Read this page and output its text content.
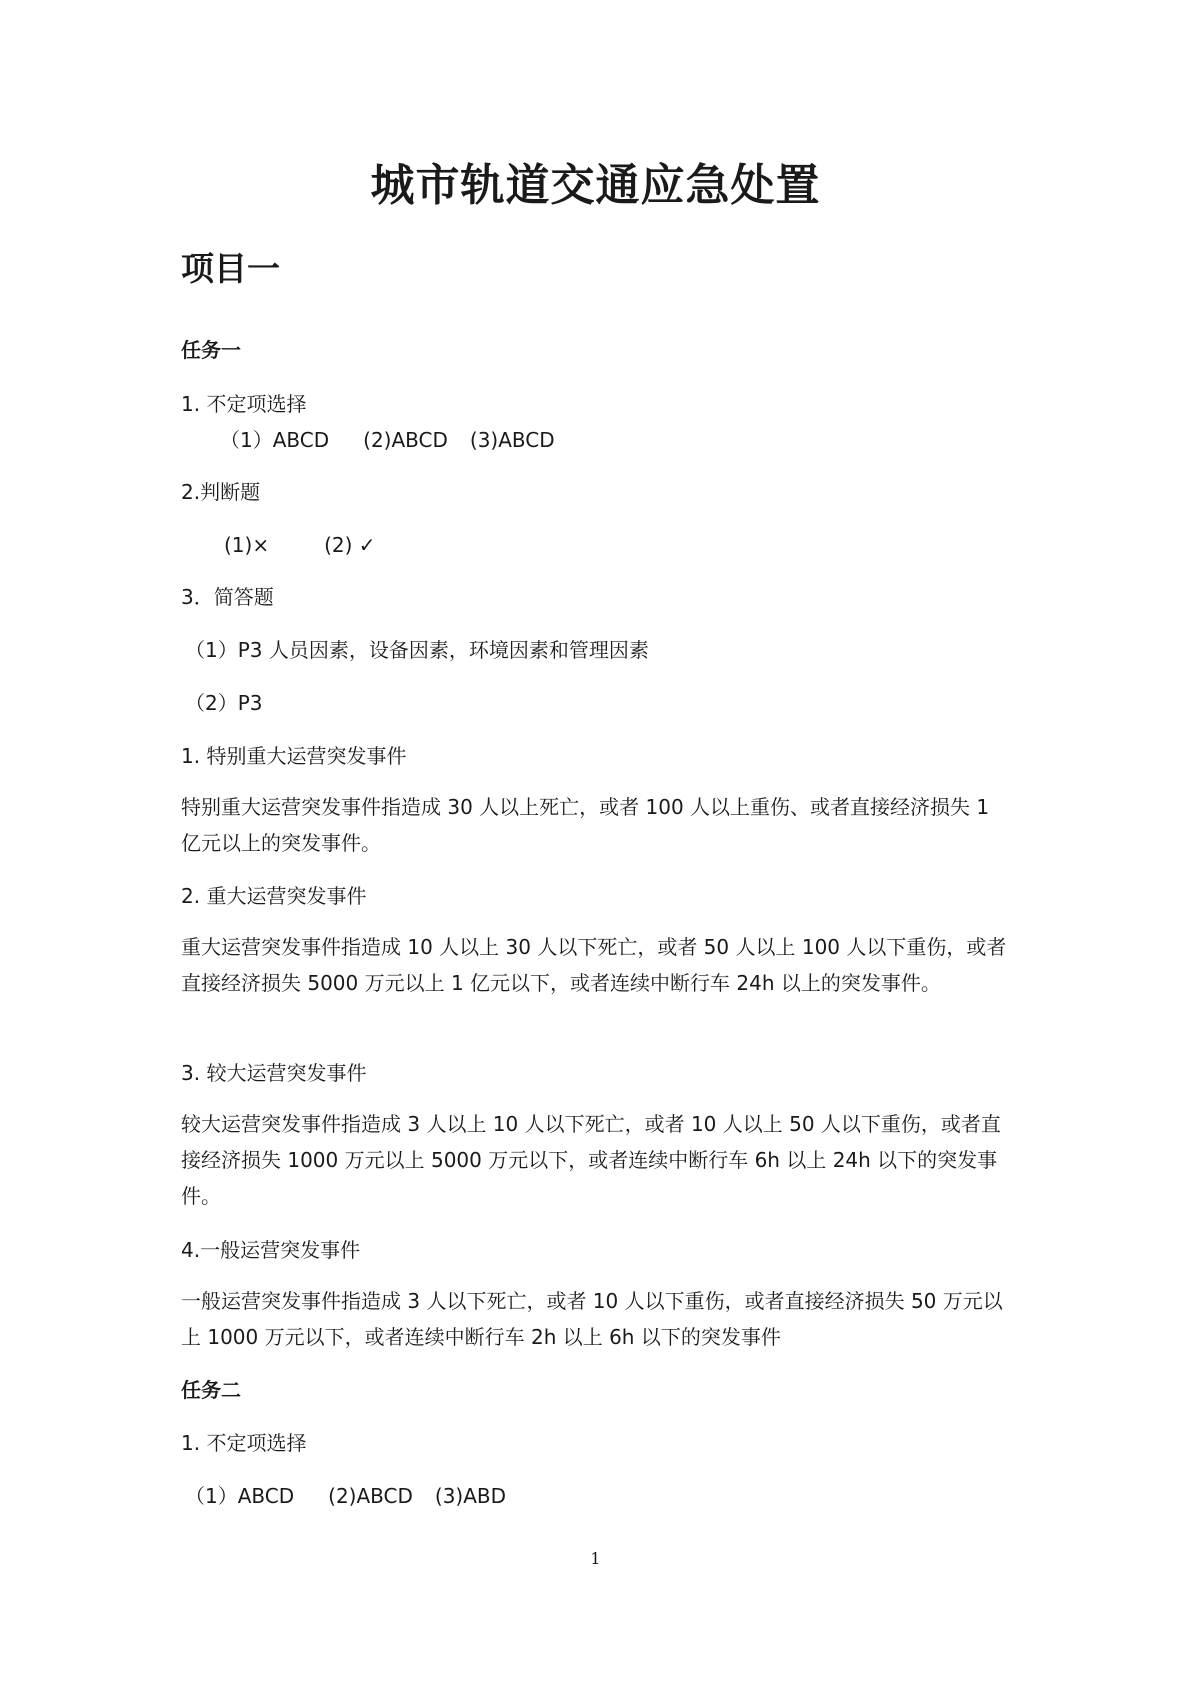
城市轨道交通应急处置
项目一
任务一

1. 不定项选择

（1）ABCD (2)ABCD (3)ABCD

2.判断题

(1)×	(2) ✓

3．简答题

（1）P3 人员因素，设备因素，环境因素和管理因素

（2）P3

1. 特别重大运营突发事件

特别重大运营突发事件指造成 30 人以上死亡，或者 100 人以上重伤、或者直接经济损失 1 亿元以上的突发事件。

2. 重大运营突发事件

重大运营突发事件指造成 10 人以上 30 人以下死亡，或者 50 人以上 100 人以下重伤，或者直接经济损失 5000 万元以上 1 亿元以下，或者连续中断行车 24h 以上的突发事件。

3. 较大运营突发事件

较大运营突发事件指造成 3 人以上 10 人以下死亡，或者 10 人以上 50 人以下重伤，或者直接经济损失 1000 万元以上 5000 万元以下，或者连续中断行车 6h 以上 24h 以下的突发事件。

4.一般运营突发事件

一般运营突发事件指造成 3 人以下死亡，或者 10 人以下重伤，或者直接经济损失 50 万元以上 1000 万元以下，或者连续中断行车 2h 以上 6h 以下的突发事件

任务二

1. 不定项选择

（1）ABCD (2)ABCD (3)ABD

1
